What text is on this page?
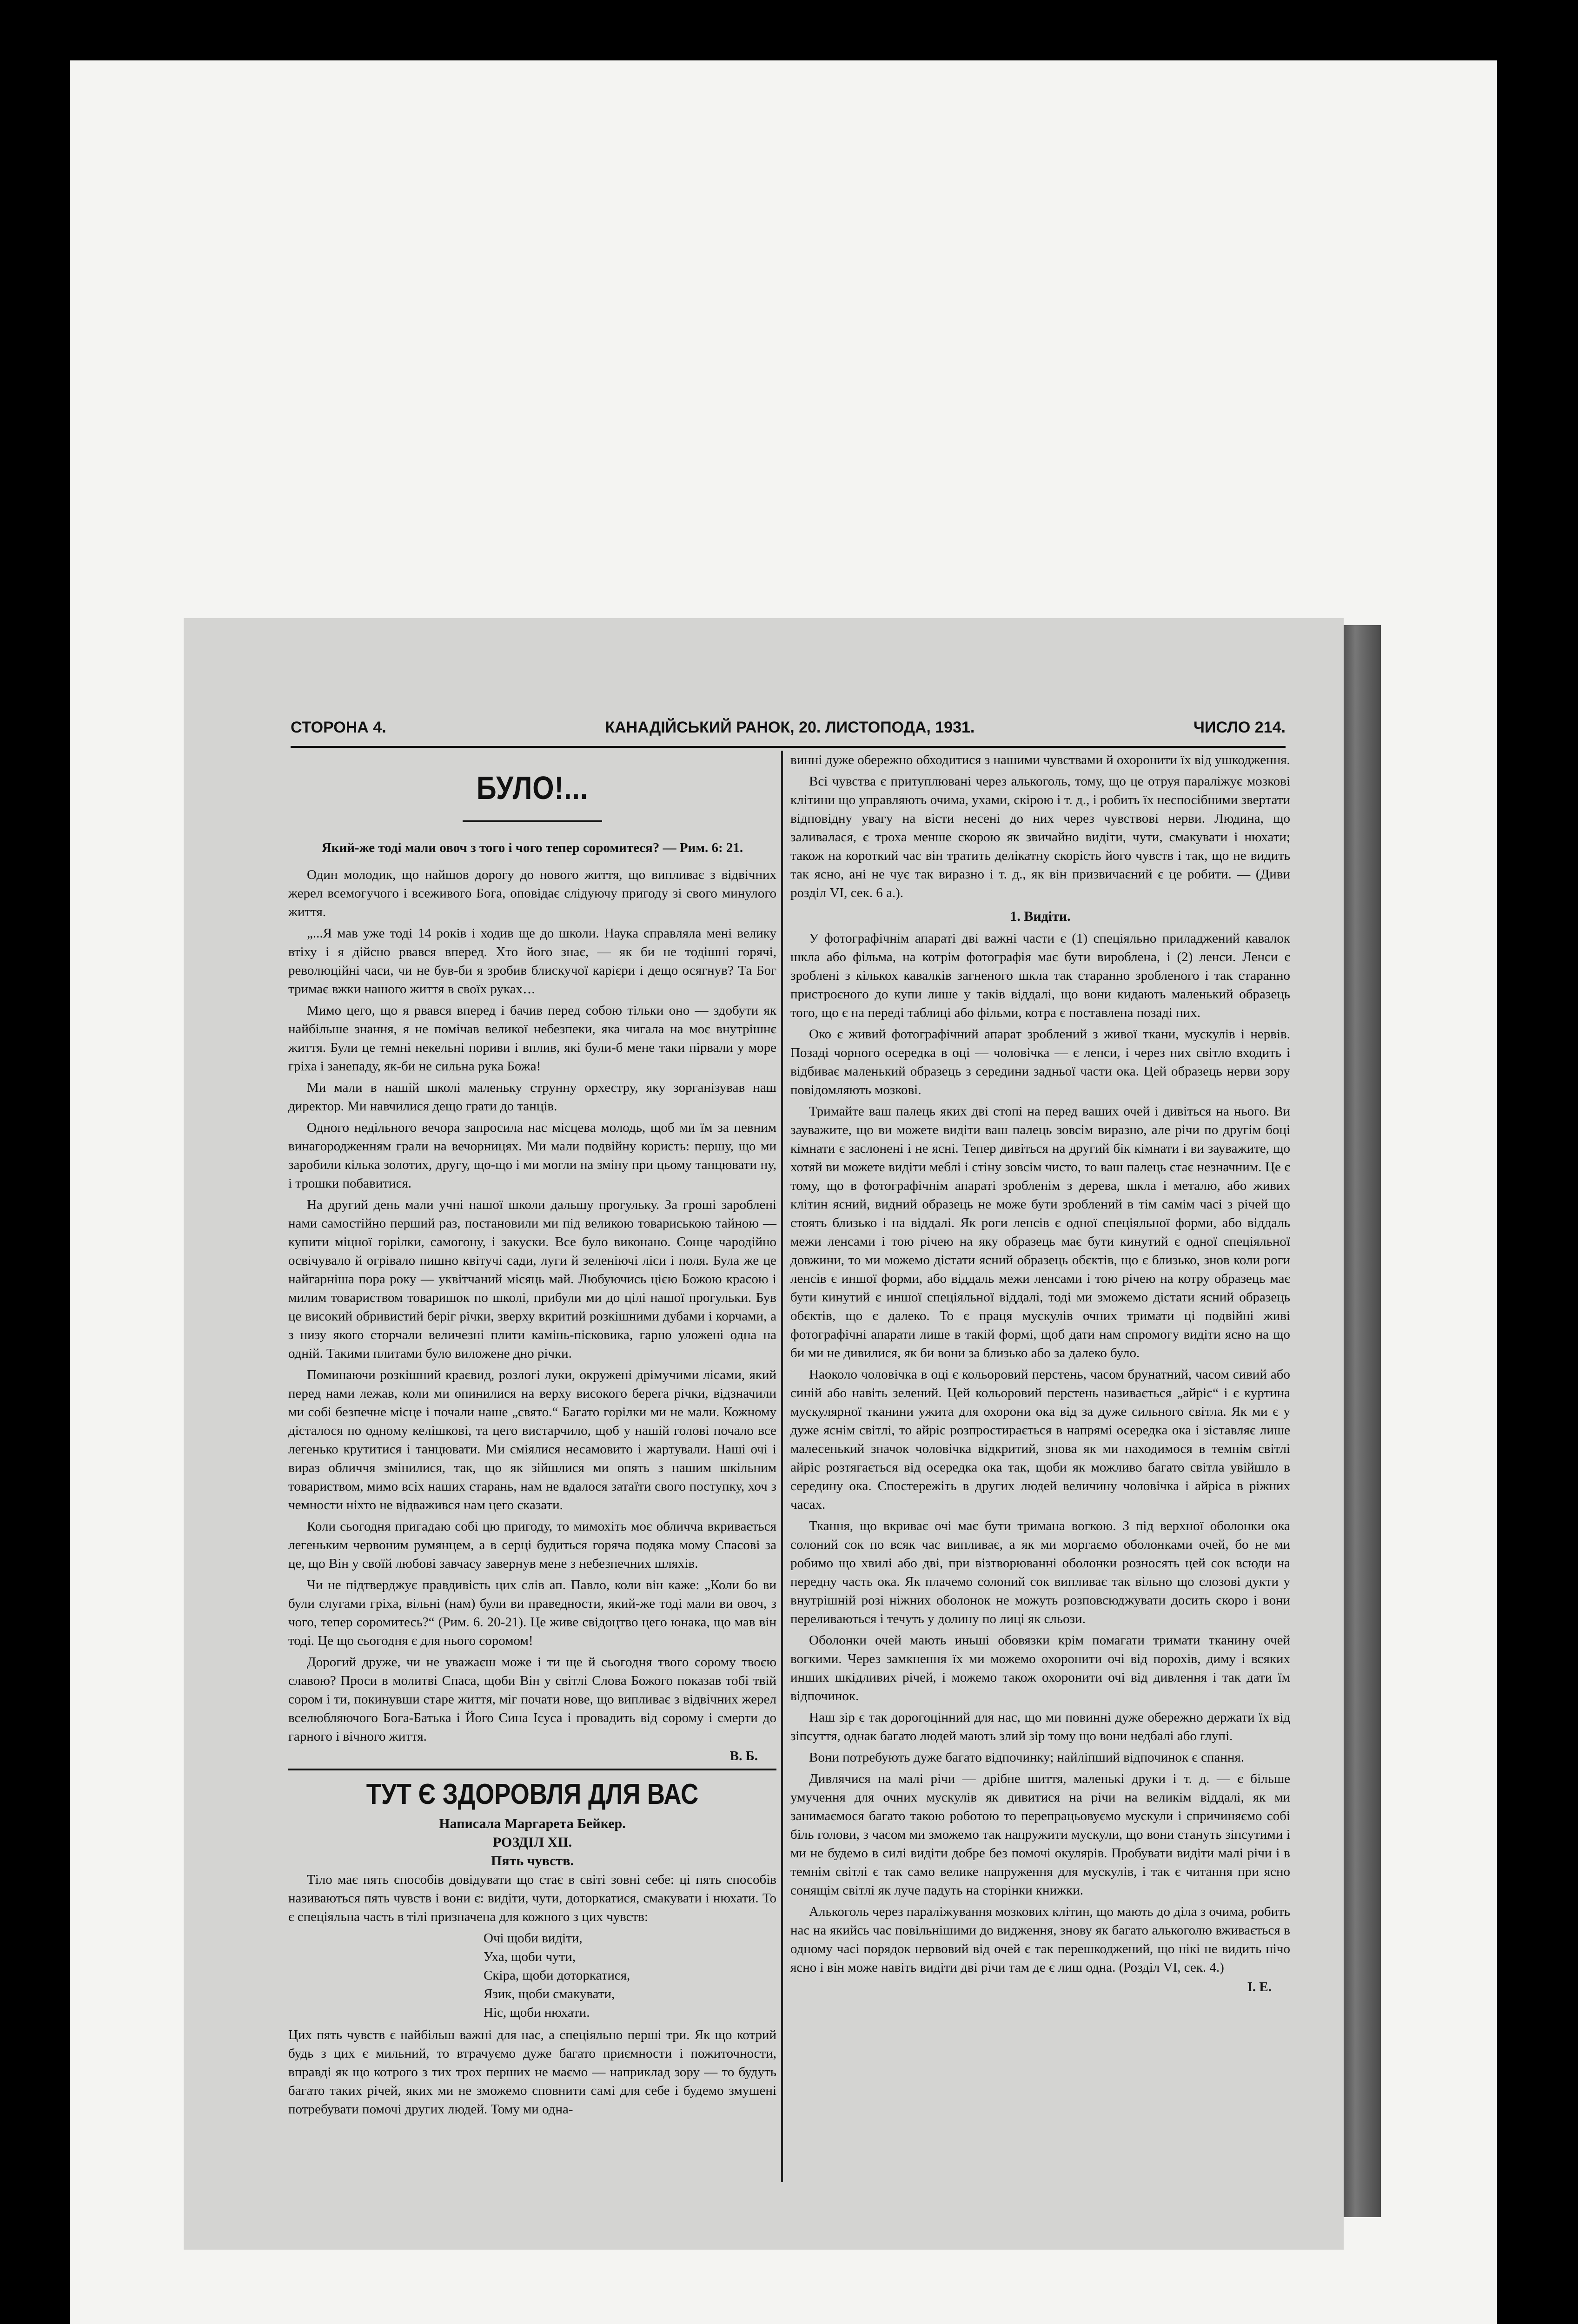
СТОРОНА 4.	КАНАДІЙСЬКИЙ РАНОК, 20. ЛИСТОПОДА, 1931.	ЧИСЛО 214.
БУЛО!...
Який-же тоді мали овоч з того і чого тепер соромитеся? — Рим. 6: 21.

Один молодик, що найшов дорогу до нового життя, що випливає з відвічних жерел всемогучого і всеживого Бога, оповідає слідуючу пригоду зі свого минулого життя.

„...Я мав уже тоді 14 років і ходив ще до школи. Наука справляла мені велику втіху і я дійсно рвався вперед. Хто його знає, — як би не тодішні горячі, революційні часи, чи не був-би я зробив блискучої карієри і дещо осягнув? Та Бог тримає вжки нашого життя в своїх руках‥.

Мимо цего, що я рвався вперед і бачив перед собою тільки оно — здобути як найбільше знання, я не помічав великої небезпеки, яка чигала на моє внутрішнє життя. Були це темні некельні пориви і вплив, які були-б мене таки пірвали у море гріха і занепаду, як-би не сильна рука Божа!

Ми мали в нашій школі маленьку струнну орхестру, яку зорганізував наш директор. Ми навчилися дещо грати до танців.

Одного недільного вечора запросила нас місцева молодь, щоб ми їм за певним винагородженням грали на вечорницях. Ми мали подвійну користь: першу, що ми заробили кілька золотих, другу, що-що і ми могли на зміну при цьому танцювати ну, і трошки побавитися.

На другий день мали учні нашої школи дальшу прогульку. За гроші зароблені нами самостійно перший раз, постановили ми під великою товариською тайною — купити міцної горілки, самогону, і закуски. Все було виконано. Сонце чародійно освічувало й огрівало пишно квітучі сади, луги й зеленіючі ліси і поля. Була же це найгарніша пора року — уквітчаний місяць май. Любуючись цією Божою красою і милим товариством товаришок по школі, прибули ми до цілі нашої прогульки. Був це високий обривистий беріг річки, зверху вкритий розкішними дубами і корчами, а з низу якого сторчали величезні плити камінь-пісковика, гарно уложені одна на одній. Такими плитами було виложене дно річки.

Поминаючи розкішний краєвид, розлогі луки, окружені дрімучими лісами, який перед нами лежав, коли ми опинилися на верху високого берега річки, відзначили ми собі безпечне місце і почали наше „свято.“ Багато горілки ми не мали. Кожному дісталося по одному келішкові, та цего вистарчило, щоб у нашій голові почало все легенько крутитися і танцювати. Ми сміялися несамовито і жартували. Наші очі і вираз обличчя змінилися, так, що як зійшлися ми опять з нашим шкільним товариством, мимо всіх наших старань, нам не вдалося затаїти свого поступку, хоч з чемности ніхто не відважився нам цего сказати.

Коли сьогодня пригадаю собі цю пригоду, то мимохіть моє обличча вкривається легеньким червоним румянцем, а в серці будиться горяча подяка мому Спасові за це, що Він у своїй любові завчасу завернув мене з небезпечних шляхів.

Чи не підтверджує правдивість цих слів ап. Павло, коли він каже: „Коли бо ви були слугами гріха, вільні (нам) були ви праведности, який-же тоді мали ви овоч, з чого, тепер соромитесь?“ (Рим. 6. 20-21). Це живе свідоцтво цего юнака, що мав він тоді. Це що сьогодня є для нього соромом!

Дорогий друже, чи не уважаєш може і ти ще й сьогодня твого сорому твоєю славою? Проси в молитві Спаса, щоби Він у світлі Слова Божого показав тобі твій сором і ти, покинувши старе життя, міг почати нове, що випливає з відвічних жерел вселюбляючого Бога-Батька і Його Сина Ісуса і провадить від сорому і смерти до гарного і вічного життя.

В. Б.
ТУТ Є ЗДОРОВЛЯ ДЛЯ ВАС
Написала Маргарета Бейкер.
РОЗДІЛ XII.
Пять чувств.

Тіло має пять способів довідувати що стає в світі зовні себе: ці пять способів називаються пять чувств і вони є: видіти, чути, доторкатися, смакувати і нюхати. То є спеціяльна часть в тілі призначена для кожного з цих чувств:

Очі щоби видіти,
Уха, щоби чути,
Скіра, щоби доторкатися,
Язик, щоби смакувати,
Ніс, щоби нюхати.

Цих пять чувств є найбільш важні для нас, а спеціяльно перші три. Як що котрий будь з цих є мильний, то втрачуємо дуже багато приємности і пожиточности, вправді як що котрого з тих трох перших не маємо — наприклад зору — то будуть багато таких річей, яких ми не зможемо сповнити самі для себе і будемо змушені потребувати помочі других людей. Тому ми одна-

винні дуже обережно обходитися з нашими чувствами й охоронити їх від ушкодження.

Всі чувства є притуплювані через алькоголь, тому, що це отруя параліжує мозкові клітини що управляють очима, ухами, скірою і т. д., і робить їх неспосібними звертати відповідну увагу на вісти несені до них через чувствові нерви. Людина, що заливалася, є троха менше скорою як звичайно видіти, чути, смакувати і нюхати; також на короткий час він тратить делікатну скорість його чувств і так, що не видить так ясно, ані не чує так виразно і т. д., як він призвичаєний є це робити. — (Диви розділ VI, сек. 6 а.).

1. Видіти.

У фотографічнім апараті дві важні части є (1) спеціяльно приладжений кавалок шкла або фільма, на котрім фотографія має бути вироблена, і (2) ленси. Ленси є зроблені з кількох кавалків загненого шкла так старанно зробленого і так старанно пристроєного до купи лише у таків віддалі, що вони кидають маленький образець того, що є на переді таблиці або фільми, котра є поставлена позаді них.

Око є живий фотографічний апарат зроблений з живої ткани, мускулів і нервів. Позаді чорного осередка в оці — чоловічка — є ленси, і через них світло входить і відбиває маленький образець з середини задньої части ока. Цей образець нерви зору повідомляють мозкові.

Тримайте ваш палець яких дві стопі на перед ваших очей і дивіться на нього. Ви зауважите, що ви можете видіти ваш палець зовсім виразно, але річи по другім боці кімнати є заслонені і не ясні. Тепер дивіться на другий бік кімнати і ви зауважите, що хотяй ви можете видіти меблі і стіну зовсім чисто, то ваш палець стає незначним. Це є тому, що в фотографічнім апараті зробленім з дерева, шкла і металю, або живих клітин ясний, видний образець не може бути зроблений в тім самім часі з річей що стоять близько і на віддалі. Як роги ленсів є одної спеціяльної форми, або віддаль межи ленсами і тою річею на яку образець має бути кинутий є одної спеціяльної довжини, то ми можемо дістати ясний образець обєктів, що є близько, знов коли роги ленсів є иншої форми, або віддаль межи ленсами і тою річею на котру образець має бути кинутий є иншої спеціяльної віддалі, тоді ми зможемо дістати ясний образець обєктів, що є далеко. То є праця мускулів очних тримати ці подвійні живі фотографічні апарати лише в такій формі, щоб дати нам спромогу видіти ясно на що би ми не дивилися, як би вони за близько або за далеко було.

Наоколо чоловічка в оці є кольоровий перстень, часом брунатний, часом сивий або синій або навіть зелений. Цей кольоровий перстень називається „айріс“ і є куртина мускулярної тканини ужита для охорони ока від за дуже сильного світла. Як ми є у дуже яснім світлі, то айріс розпростирається в напрямі осередка ока і зіставляє лише малесенький значок чоловічка відкритий, знова як ми находимося в темнім світлі айріс розтягається від осередка ока так, щоби як можливо багато світла увійшло в середину ока. Спостережіть в других людей величину чоловічка і айріса в ріжних часах.

Ткання, що вкриває очі має бути тримана вогкою. З під верхної оболонки ока солоний сок по всяк час випливає, а як ми моргаємо оболонками очей, бо не ми робимо що хвилі або дві, при візтворюванні оболонки розносять цей сок всюди на передну часть ока. Як плачемо солоний сок випливає так вільно що слозові дукти у внутрішній розі ніжних оболонок не можуть розповсюджувати досить скоро і вони переливаються і течуть у долину по лиці як сльози.

Оболонки очей мають иньші обовязки крім помагати тримати тканину очей вогкими. Через замкнення їх ми можемо охоронити очі від порохів, диму і всяких инших шкідливих річей, і можемо також охоронити очі від дивлення і так дати їм відпочинок.

Наш зір є так дорогоцінний для нас, що ми повинні дуже обережно держати їх від зіпсуття, однак багато людей мають злий зір тому що вони недбалі або глупі.

Вони потребують дуже багато відпочинку; найліпший відпочинок є спання.

Дивлячися на малі річи — дрібне шиття, маленькі друки і т. д. — є більше умучення для очних мускулів як дивитися на річи на великім віддалі, як ми занимаємося багато такою роботою то перепрацьовуємо мускули і спричиняємо собі біль голови, з часом ми зможемо так напружити мускули, що вони стануть зіпсутими і ми не будемо в силі видіти добре без помочі окулярів. Пробувати видіти малі річи і в темнім світлі є так само велике напруження для мускулів, і так є читання при ясно сонящім світлі як луче падуть на сторінки книжки.

Алькоголь через параліжування мозкових клітин, що мають до діла з очима, робить нас на якийсь час повільнішими до видження, знову як багато алькоголю вживається в одному часі порядок нервовий від очей є так перешкоджений, що нікі не видить нічо ясно і він може навіть видіти дві річи там де є лиш одна. (Розділ VI, сек. 4.)

І. Е.
